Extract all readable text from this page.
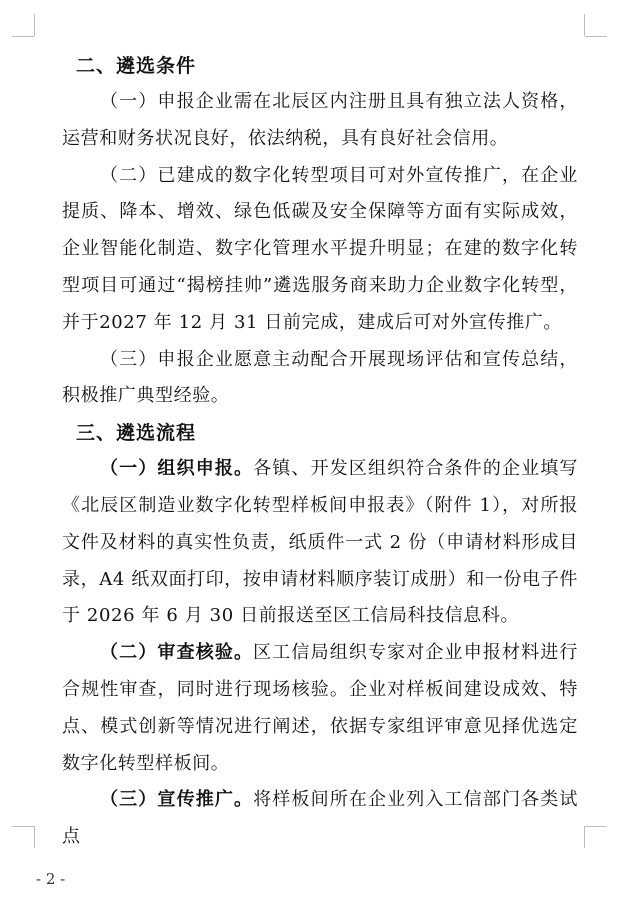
二、遴选条件

（一）申报企业需在北辰区内注册且具有独立法人资格，运营和财务状况良好，依法纳税，具有良好社会信用。

（二）已建成的数字化转型项目可对外宣传推广，在企业提质、降本、增效、绿色低碳及安全保障等方面有实际成效，企业智能化制造、数字化管理水平提升明显；在建的数字化转型项目可通过“揭榜挂帅”遴选服务商来助力企业数字化转型，并于2027 年 12 月 31 日前完成，建成后可对外宣传推广。

（三）申报企业愿意主动配合开展现场评估和宣传总结，积极推广典型经验。

三、遴选流程

（一）组织申报。各镇、开发区组织符合条件的企业填写《北辰区制造业数字化转型样板间申报表》（附件 1），对所报文件及材料的真实性负责，纸质件一式 2 份（申请材料形成目录，A4 纸双面打印，按申请材料顺序装订成册）和一份电子件于 2026 年 6 月 30 日前报送至区工信局科技信息科。

（二）审查核验。区工信局组织专家对企业申报材料进行合规性审查，同时进行现场核验。企业对样板间建设成效、特点、模式创新等情况进行阐述，依据专家组评审意见择优选定数字化转型样板间。

（三）宣传推广。将样板间所在企业列入工信部门各类试点

- 2 -
